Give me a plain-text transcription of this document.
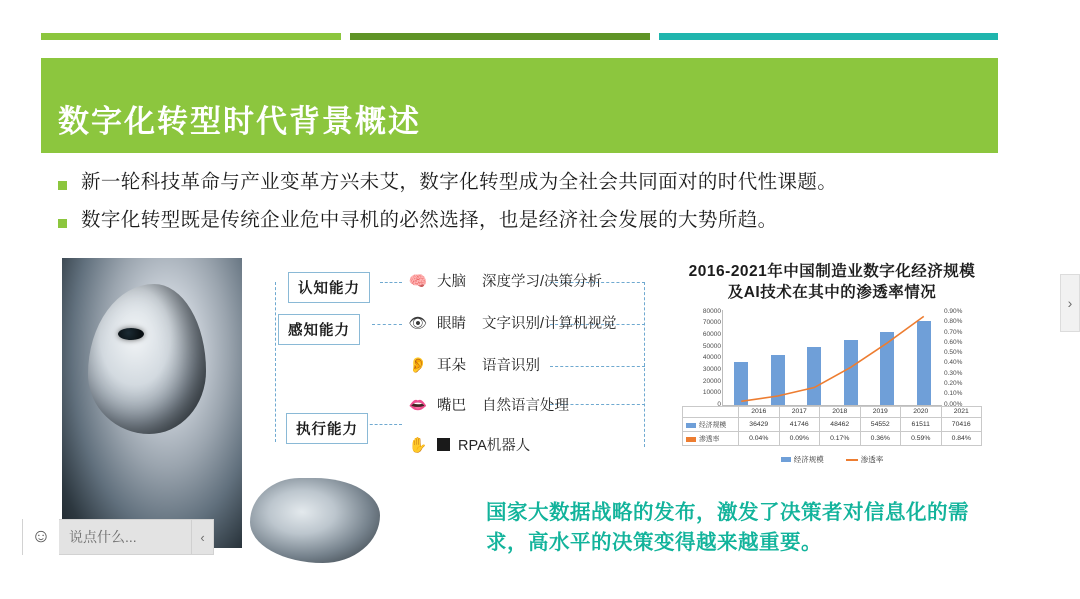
数字化转型时代背景概述
新一轮科技革命与产业变革方兴未艾，数字化转型成为全社会共同面对的时代性课题。
数字化转型既是传统企业危中寻机的必然选择，也是经济社会发展的大势所趋。
认知能力
感知能力
执行能力
🧠 大脑 深度学习/决策分析
👁 眼睛 文字识别/计算机视觉
👂 耳朵 语音识别
👄 嘴巴 自然语言处理
✋ RPA机器人
2016-2021年中国制造业数字化经济规模及AI技术在其中的渗透率情况
80000
70000
60000
50000
40000
30000
20000
10000
0
0.90%
0.80%
0.70%
0.60%
0.50%
0.40%
0.30%
0.20%
0.10%
0.00%
	2016	2017	2018	2019	2020	2021
经济规模	36429	41746	48462	54552	61511	70416
渗透率	0.04%	0.09%	0.17%	0.36%	0.59%	0.84%
经济规模	渗透率
国家大数据战略的发布，激发了决策者对信息化的需求，高水平的决策变得越来越重要。
☺	说点什么...	‹
›
